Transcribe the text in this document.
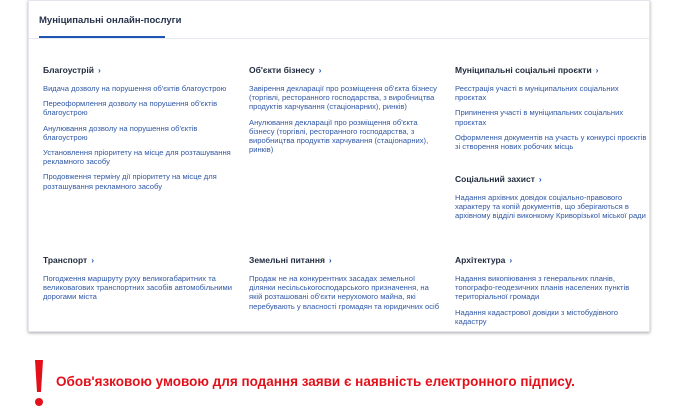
Муніципальні онлайн-послуги
Благоустрій ›
Видача дозволу на порушення об'єктів благоустрою
Переоформлення дозволу на порушення об'єктів благоустрою
Анулювання дозволу на порушення об'єктів благоустрою
Установлення пріоритету на місце для розташування рекламного засобу
Продовження терміну дії пріоритету на місце для розташування рекламного засобу
Об'єкти бізнесу ›
Завірення декларації про розміщення об'єкта бізнесу (торгівлі, ресторанного господарства, з виробництва продуктів харчування (стаціонарних), ринків)
Анулювання декларації про розміщення об'єкта бізнесу (торгівлі, ресторанного господарства, з виробництва продуктів харчування (стаціонарних), ринків)
Муніципальні соціальні проєкти ›
Реєстрація участі в муніципальних соціальних проєктах
Припинення участі в муніципальних соціальних проєктах
Оформлення документів на участь у конкурсі проєктів зі створення нових робочих місць
Соціальний захист ›
Надання архівних довідок соціально-правового характеру та копій документів, що зберігаються в архівному відділі виконкому Криворізької міської ради
Транспорт ›
Погодження маршруту руху великогабаритних та великовагових транспортних засобів автомобільними дорогами міста
Земельні питання ›
Продаж не на конкурентних засадах земельної ділянки несільськогосподарського призначення, на якій розташовані об'єкти нерухомого майна, які перебувають у власності громадян та юридичних осіб
Архітектура ›
Надання викопіювання з генеральних планів, топографо-геодезичних планів населених пунктів територіальної громади
Надання кадастрової довідки з містобудівного кадастру
Обов'язковою умовою для подання заяви є наявність електронного підпису.
